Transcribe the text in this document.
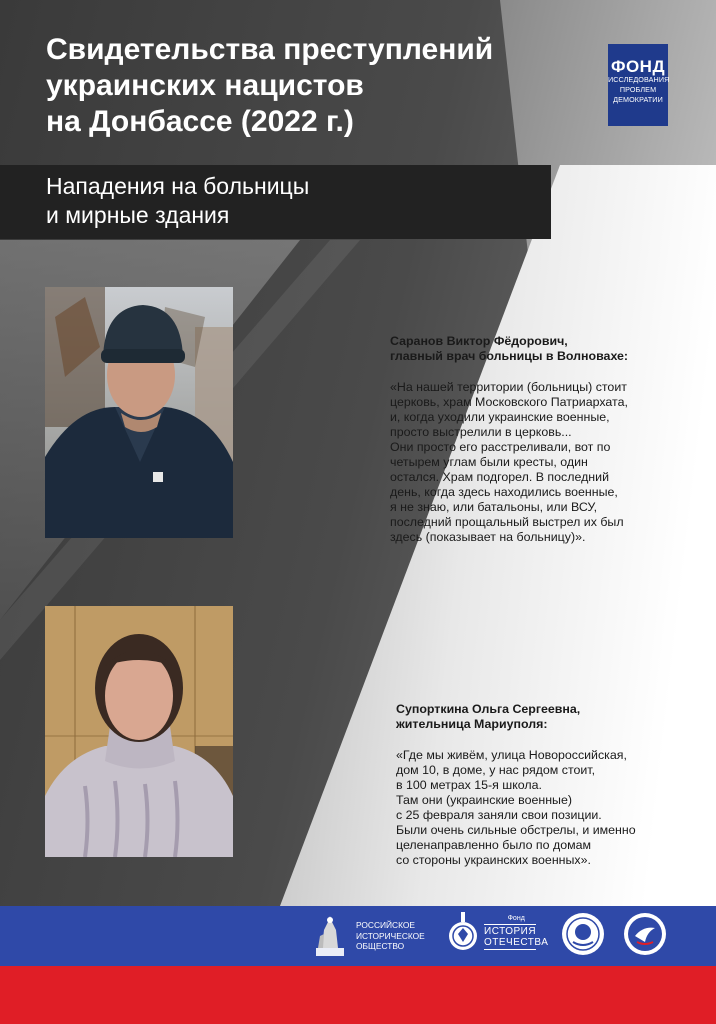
Свидетельства преступлений
украинских нацистов
на Донбассе (2022 г.)
ФОНД
ИССЛЕДОВАНИЯ
ПРОБЛЕМ
ДЕМОКРАТИИ
Нападения на больницы
и мирные здания

Саранов Виктор Фёдорович,

главный врач больницы в Волновахе:

«На нашей территории (больницы) стоит

церковь, храм Московского Патриархата,

и, когда уходили украинские военные,

просто выстрелили в церковь...

Они просто его расстреливали, вот по

четырем углам были кресты, один

остался. Храм подгорел. В последний

день, когда здесь находились военные,

я не знаю, или батальоны, или ВСУ,

последний прощальный выстрел их был

здесь (показывает на больницу)».

Супорткина Ольга Сергеевна,

жительница Мариуполя:

«Где мы живём, улица Новороссийская,

дом 10, в доме, у нас рядом стоит,

в 100 метрах 15-я школа.

Там они (украинские военные)

с 25 февраля заняли свои позиции.

Были очень сильные обстрелы, и именно

целенаправленно было по домам

со стороны украинских военных».

РОССИЙСКОЕ
ИСТОРИЧЕСКОЕ
ОБЩЕСТВО
Фонд
ИСТОРИЯ
ОТЕЧЕСТВА
